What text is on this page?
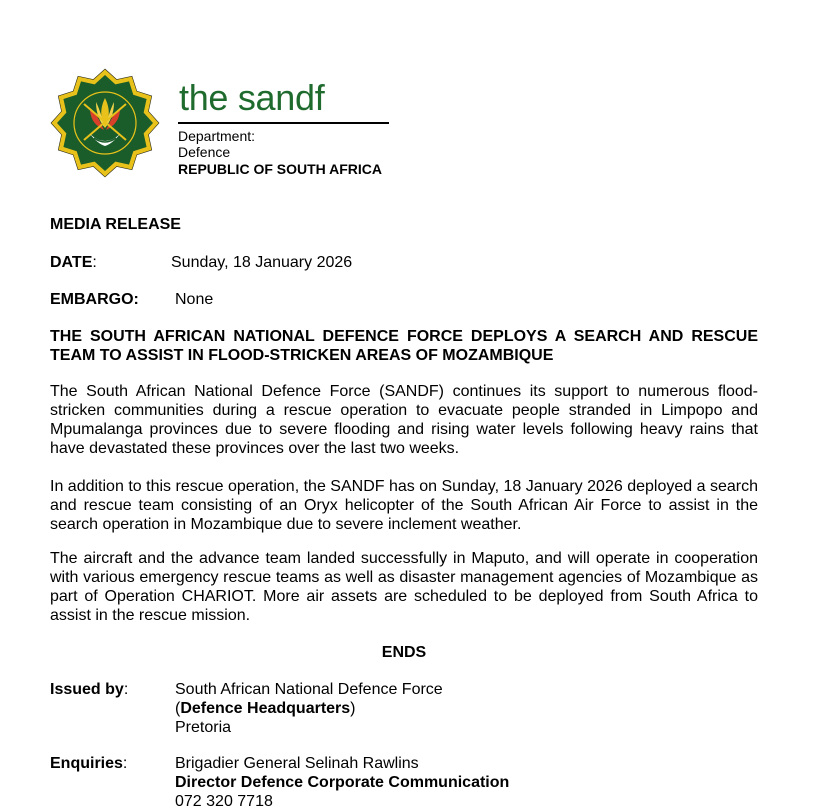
the sandf
Department:
Defence
REPUBLIC OF SOUTH AFRICA
MEDIA RELEASE
DATE:	Sunday, 18 January 2026
EMBARGO: None
THE SOUTH AFRICAN NATIONAL DEFENCE FORCE DEPLOYS A SEARCH AND RESCUE TEAM TO ASSIST IN FLOOD-STRICKEN AREAS OF MOZAMBIQUE
The South African National Defence Force (SANDF) continues its support to numerous flood-stricken communities during a rescue operation to evacuate people stranded in Limpopo and Mpumalanga provinces due to severe flooding and rising water levels following heavy rains that have devastated these provinces over the last two weeks.
In addition to this rescue operation, the SANDF has on Sunday, 18 January 2026 deployed a search and rescue team consisting of an Oryx helicopter of the South African Air Force to assist in the search operation in Mozambique due to severe inclement weather.
The aircraft and the advance team landed successfully in Maputo, and will operate in cooperation with various emergency rescue teams as well as disaster management agencies of Mozambique as part of Operation CHARIOT. More air assets are scheduled to be deployed from South Africa to assist in the rescue mission.
ENDS
Issued by:	South African National Defence Force
(Defence Headquarters)
Pretoria
Enquiries:	Brigadier General Selinah Rawlins
Director Defence Corporate Communication
072 320 7718
